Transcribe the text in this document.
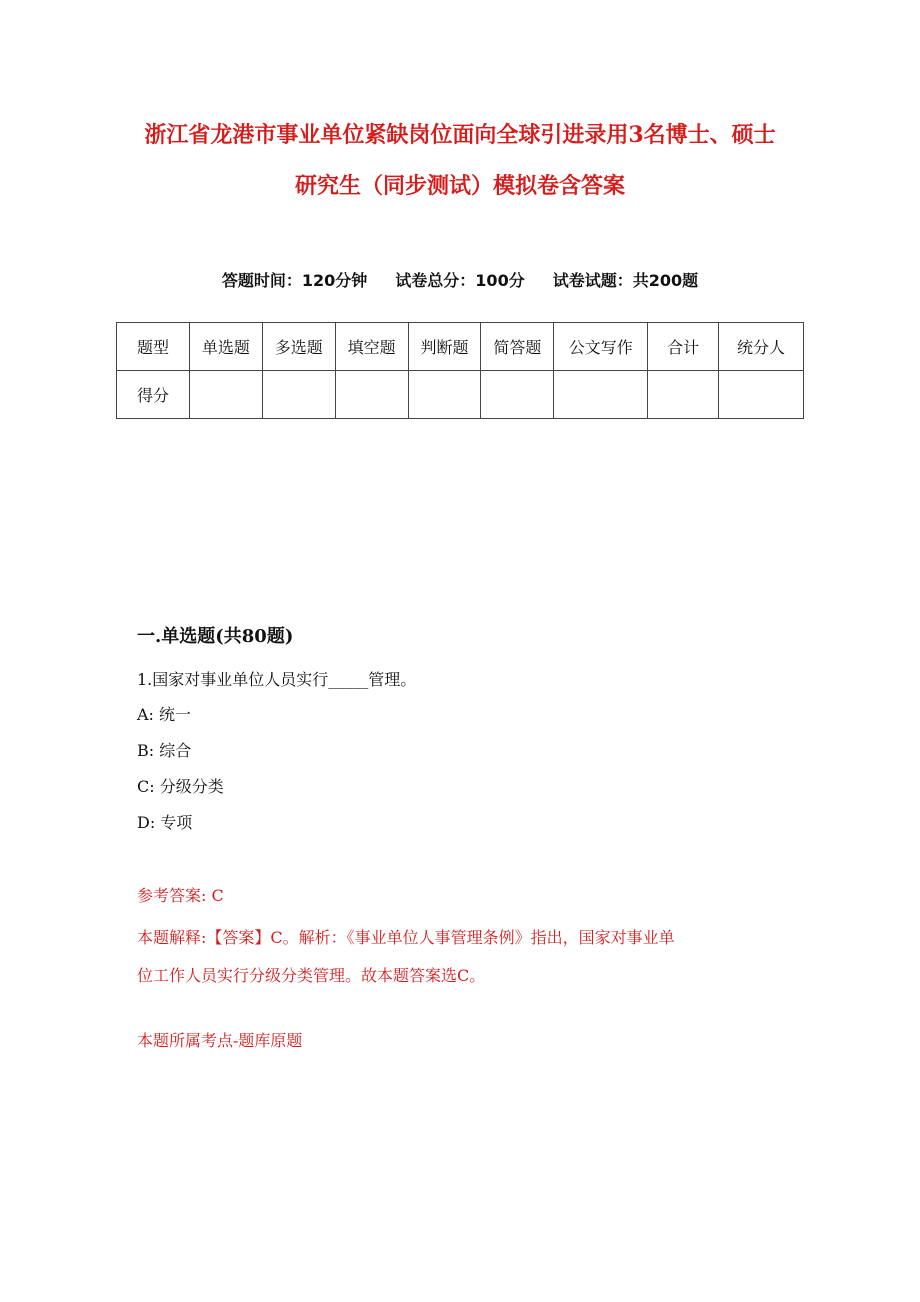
浙江省龙港市事业单位紧缺岗位面向全球引进录用3名博士、硕士
研究生（同步测试）模拟卷含答案
答题时间：120分钟 试卷总分：100分 试卷试题：共200题
题型	单选题	多选题	填空题	判断题	简答题	公文写作	合计	统分人
得分								
一.单选题(共80题)

1.国家对事业单位人员实行_____管理。

A: 统一
B: 综合
C: 分级分类
D: 专项

参考答案: C

本题解释:【答案】C。解析：《事业单位人事管理条例》指出，国家对事业单
位工作人员实行分级分类管理。故本题答案选C。

本题所属考点-题库原题
